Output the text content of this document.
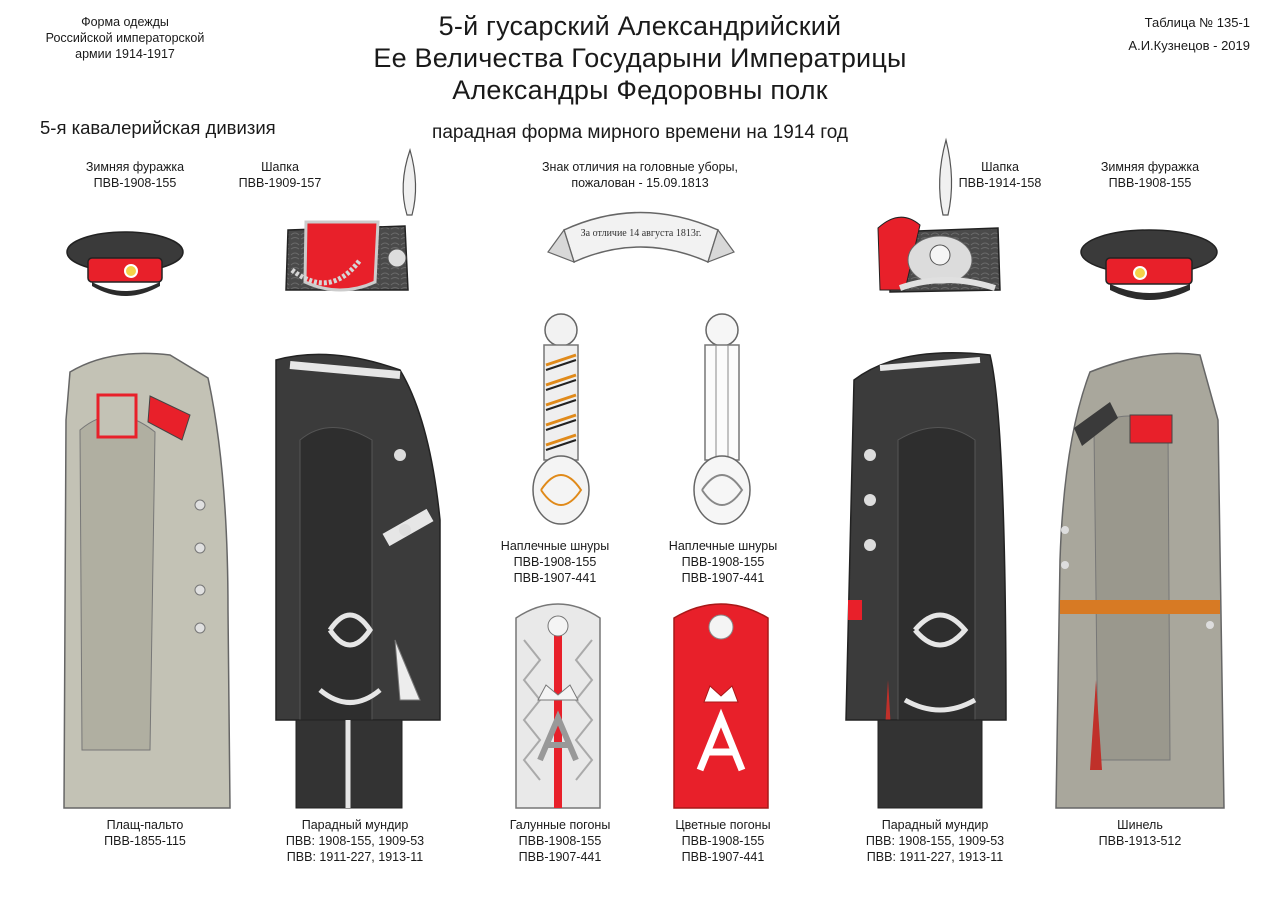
Форма одежды
Российской императорской
армии 1914-1917
5-й гусарский Александрийский
Ее Величества Государыни Императрицы
Александры Федоровны полк
парадная форма мирного времени на 1914 год
Таблица № 135-1
А.И.Кузнецов - 2019
5-я кавалерийская дивизия
Зимняя фуражка
ПВВ-1908-155
Шапка
ПВВ-1909-157
Знак отличия на головные уборы,
пожалован - 15.09.1813
Шапка
ПВВ-1914-158
Зимняя фуражка
ПВВ-1908-155
Наплечные шнуры
ПВВ-1908-155
ПВВ-1907-441
Наплечные шнуры
ПВВ-1908-155
ПВВ-1907-441
Плащ-пальто
ПВВ-1855-115
Парадный мундир
ПВВ: 1908-155, 1909-53
ПВВ: 1911-227, 1913-11
Галунные погоны
ПВВ-1908-155
ПВВ-1907-441
Цветные погоны
ПВВ-1908-155
ПВВ-1907-441
Парадный мундир
ПВВ: 1908-155, 1909-53
ПВВ: 1911-227, 1913-11
Шинель
ПВВ-1913-512
За отличие 14 августа 1813г.
